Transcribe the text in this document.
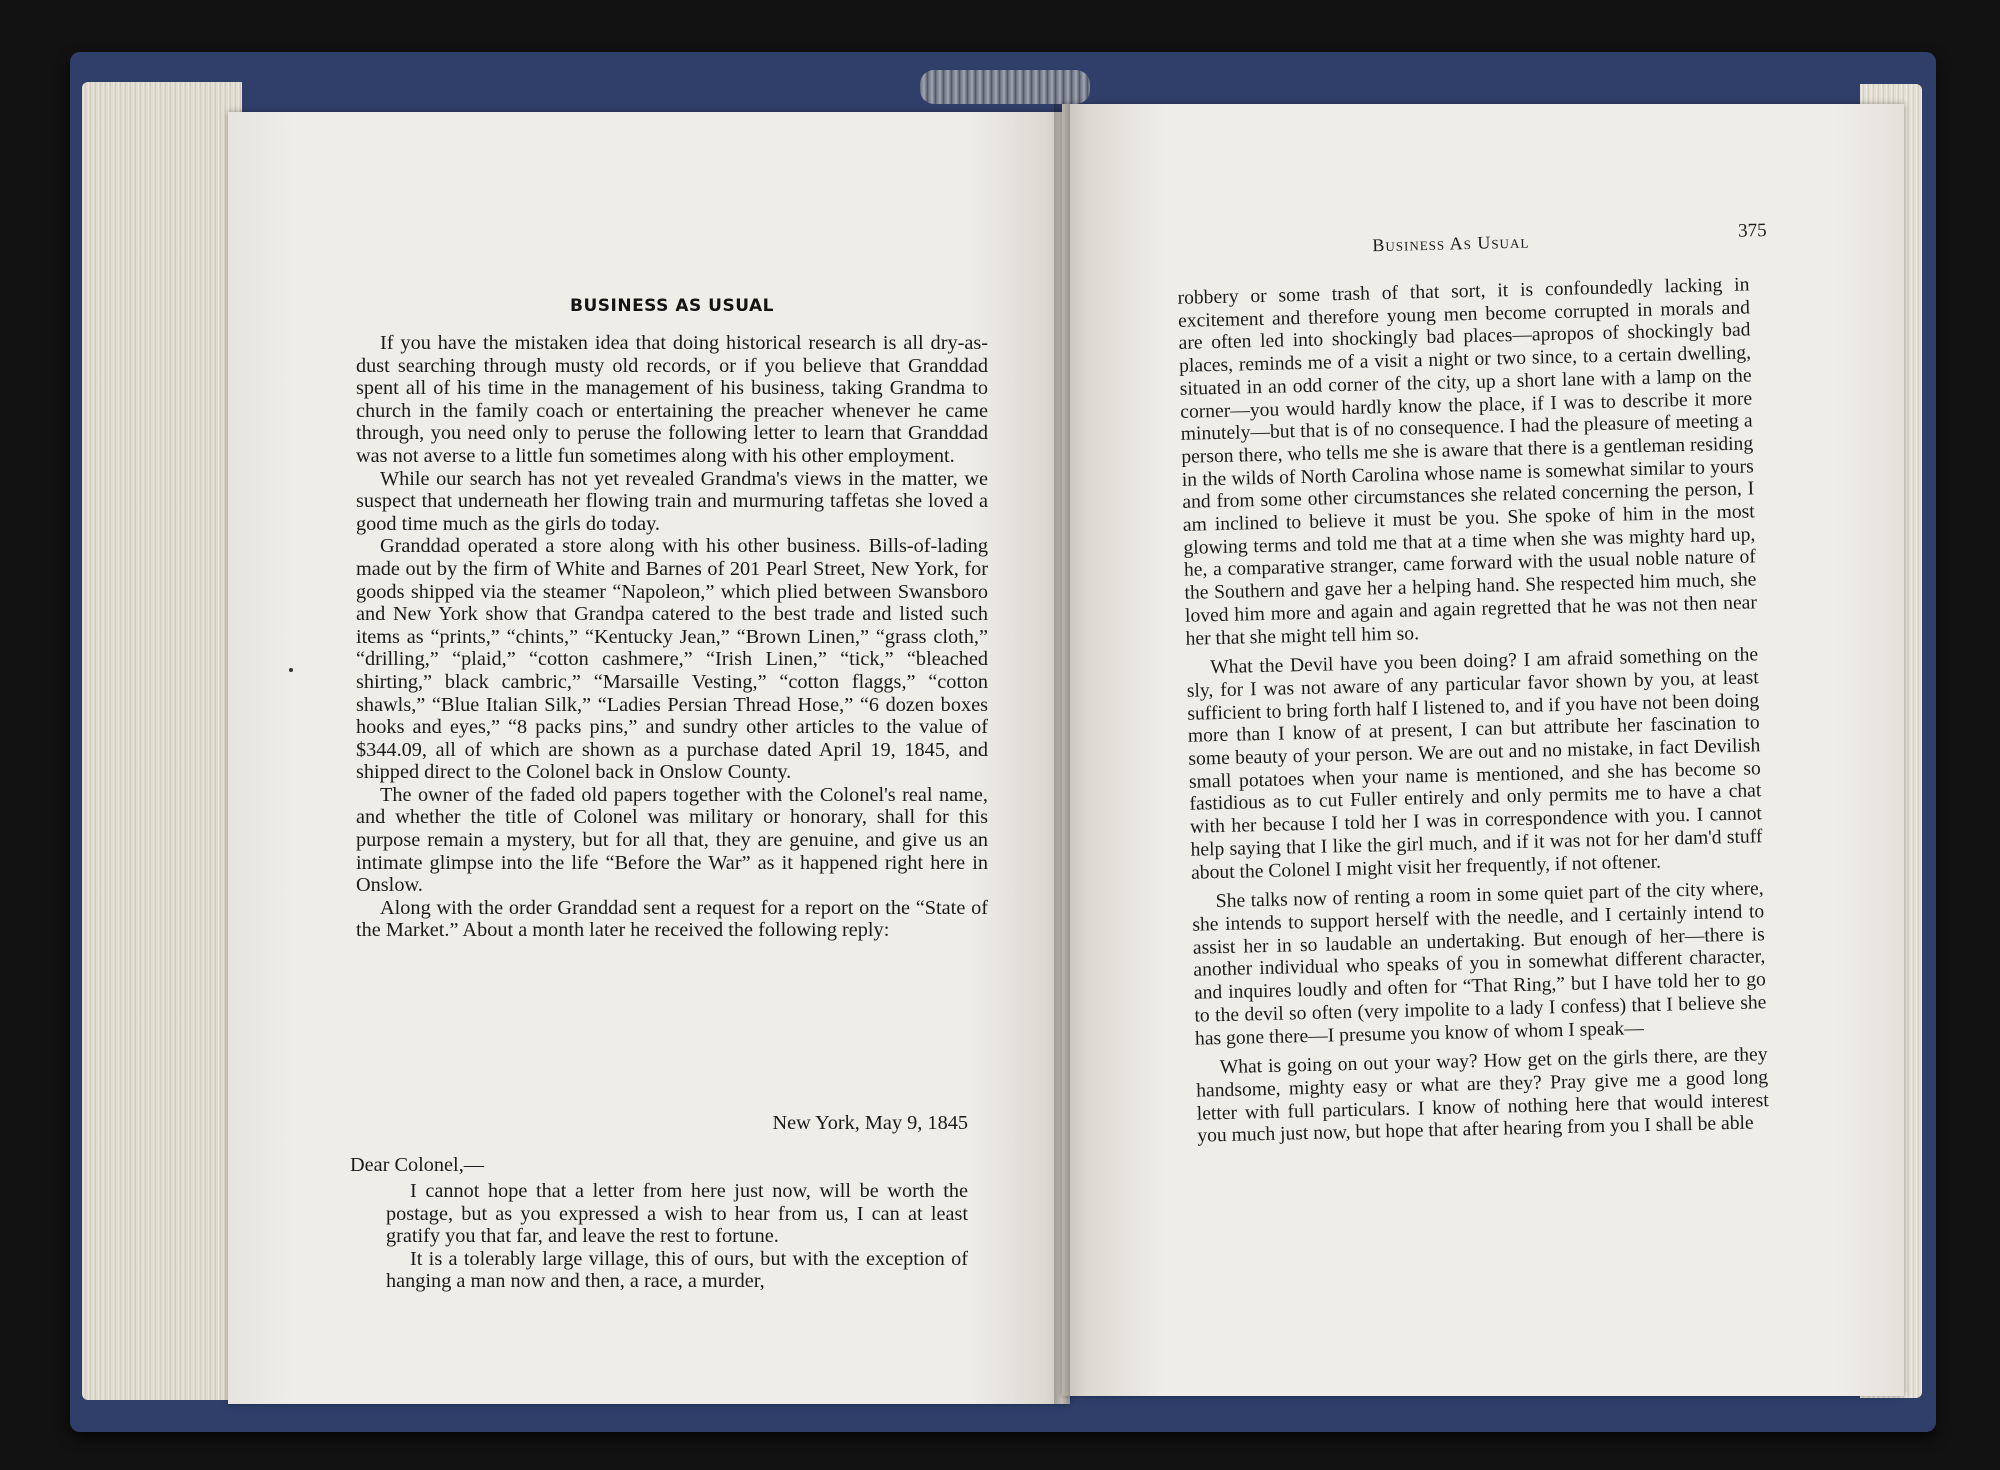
BUSINESS AS USUAL

If you have the mistaken idea that doing historical research is all dry-as-dust searching through musty old records, or if you believe that Granddad spent all of his time in the management of his business, taking Grandma to church in the family coach or entertaining the preacher whenever he came through, you need only to peruse the following letter to learn that Granddad was not averse to a little fun sometimes along with his other employment.

While our search has not yet revealed Grandma's views in the matter, we suspect that underneath her flowing train and murmuring taffetas she loved a good time much as the girls do today.

Granddad operated a store along with his other business. Bills-of-lading made out by the firm of White and Barnes of 201 Pearl Street, New York, for goods shipped via the steamer “Napoleon,” which plied between Swansboro and New York show that Grandpa catered to the best trade and listed such items as “prints,” “chints,” “Kentucky Jean,” “Brown Linen,” “grass cloth,” “drilling,” “plaid,” “cotton cashmere,” “Irish Linen,” “tick,” “bleached shirting,” black cambric,” “Marsaille Vesting,” “cotton flaggs,” “cotton shawls,” “Blue Italian Silk,” “Ladies Persian Thread Hose,” “6 dozen boxes hooks and eyes,” “8 packs pins,” and sundry other articles to the value of $344.09, all of which are shown as a purchase dated April 19, 1845, and shipped direct to the Colonel back in Onslow County.

The owner of the faded old papers together with the Colonel's real name, and whether the title of Colonel was military or honorary, shall for this purpose remain a mystery, but for all that, they are genuine, and give us an intimate glimpse into the life “Before the War” as it happened right here in Onslow.

Along with the order Granddad sent a request for a report on the “State of the Market.” About a month later he received the following reply:

New York, May 9, 1845
Dear Colonel,—

I cannot hope that a letter from here just now, will be worth the postage, but as you expressed a wish to hear from us, I can at least gratify you that far, and leave the rest to fortune.

It is a tolerably large village, this of ours, but with the exception of hanging a man now and then, a race, a murder,

Business As Usual
375

robbery or some trash of that sort, it is confoundedly lacking in excitement and therefore young men become corrupted in morals and are often led into shockingly bad places—apropos of shockingly bad places, reminds me of a visit a night or two since, to a certain dwelling, situated in an odd corner of the city, up a short lane with a lamp on the corner—you would hardly know the place, if I was to describe it more minutely—but that is of no consequence. I had the pleasure of meeting a person there, who tells me she is aware that there is a gentleman residing in the wilds of North Carolina whose name is somewhat similar to yours and from some other circumstances she related concerning the person, I am inclined to believe it must be you. She spoke of him in the most glowing terms and told me that at a time when she was mighty hard up, he, a comparative stranger, came forward with the usual noble nature of the Southern and gave her a helping hand. She respected him much, she loved him more and again and again regretted that he was not then near her that she might tell him so.

What the Devil have you been doing? I am afraid something on the sly, for I was not aware of any particular favor shown by you, at least sufficient to bring forth half I listened to, and if you have not been doing more than I know of at present, I can but attribute her fascination to some beauty of your person. We are out and no mistake, in fact Devilish small potatoes when your name is mentioned, and she has become so fastidious as to cut Fuller entirely and only permits me to have a chat with her because I told her I was in correspondence with you. I cannot help saying that I like the girl much, and if it was not for her dam'd stuff about the Colonel I might visit her frequently, if not oftener.

She talks now of renting a room in some quiet part of the city where, she intends to support herself with the needle, and I certainly intend to assist her in so laudable an undertaking. But enough of her—there is another individual who speaks of you in somewhat different character, and inquires loudly and often for “That Ring,” but I have told her to go to the devil so often (very impolite to a lady I confess) that I believe she has gone there—I presume you know of whom I speak—

What is going on out your way? How get on the girls there, are they handsome, mighty easy or what are they? Pray give me a good long letter with full particulars. I know of nothing here that would interest you much just now, but hope that after hearing from you I shall be able
